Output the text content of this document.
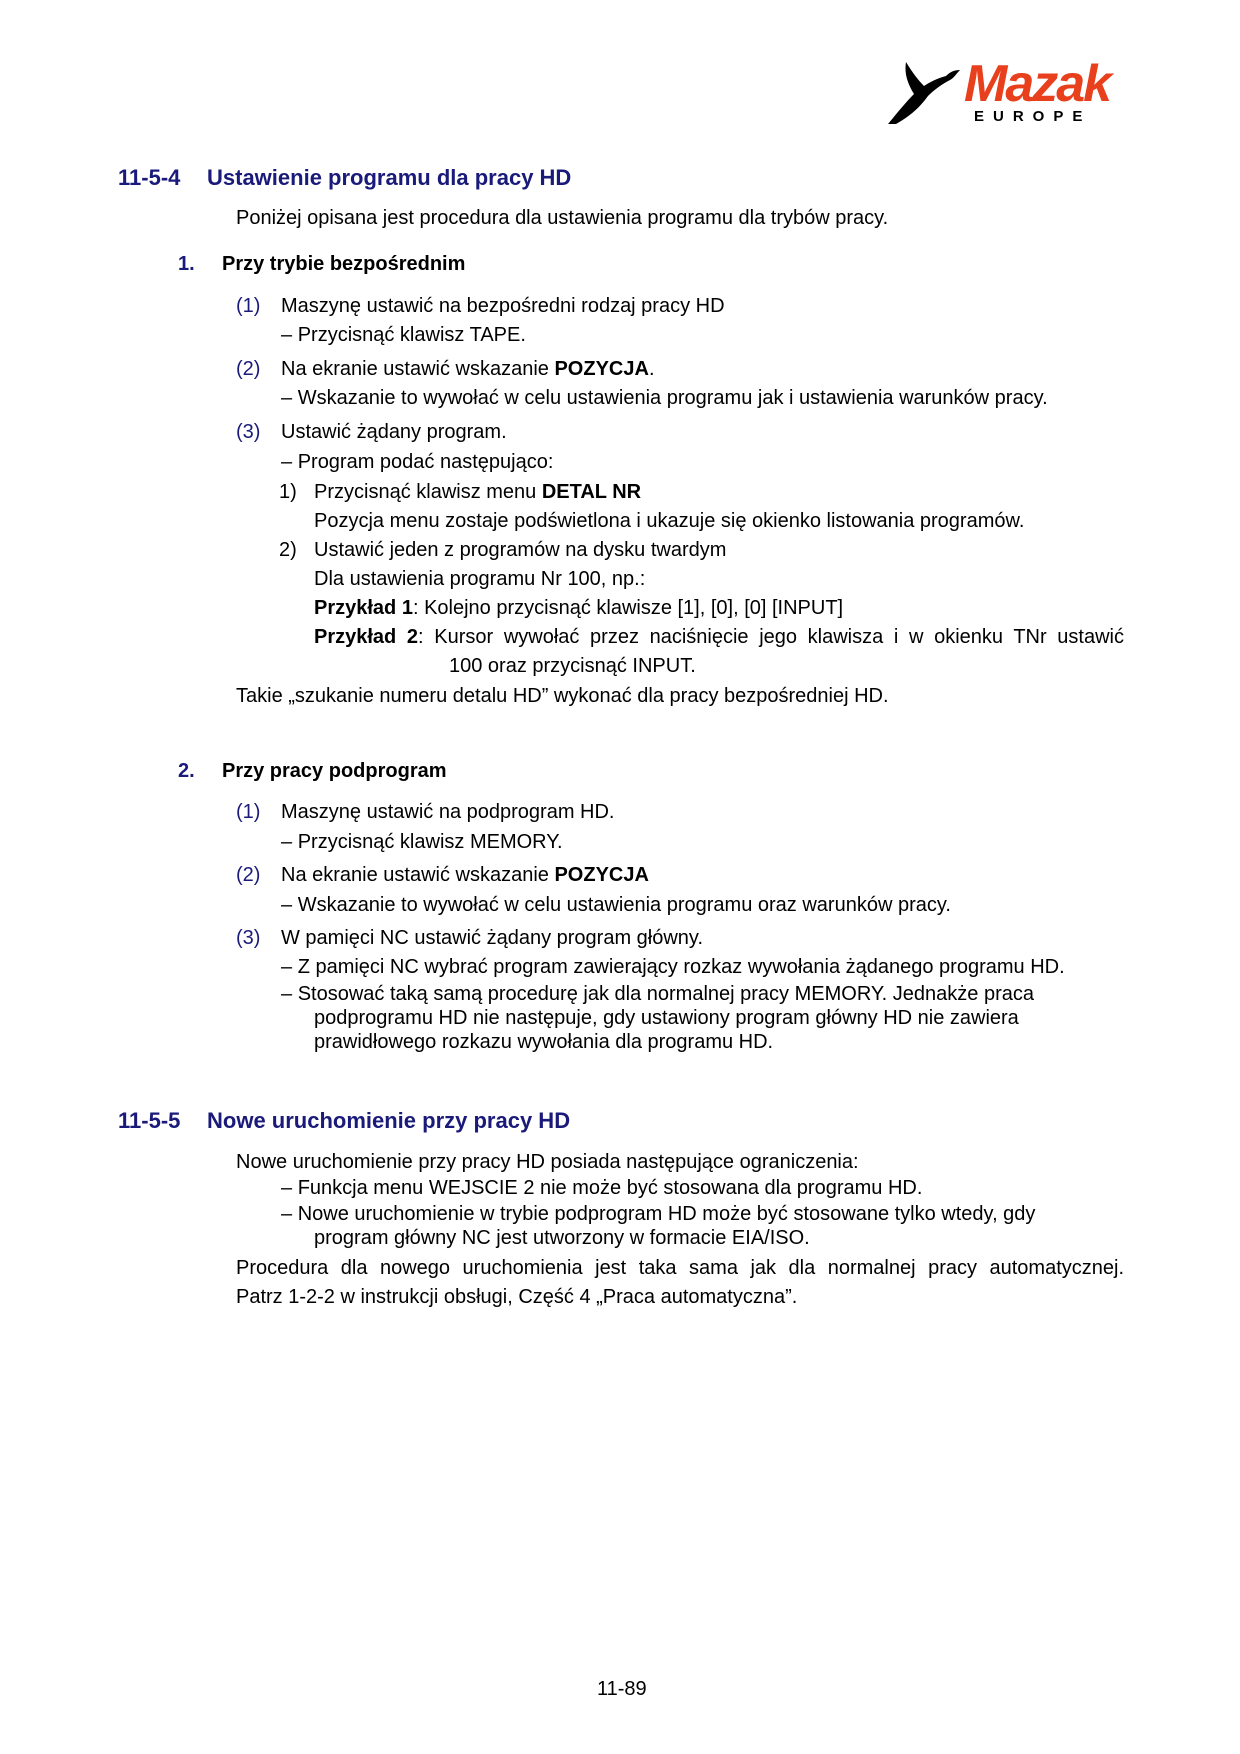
Mazak
EUROPE
11-5-4 Ustawienie programu dla pracy HD
Poniżej opisana jest procedura dla ustawienia programu dla trybów pracy.
1. Przy trybie bezpośrednim
(1) Maszynę ustawić na bezpośredni rodzaj pracy HD
– Przycisnąć klawisz TAPE.
(2) Na ekranie ustawić wskazanie POZYCJA.
– Wskazanie to wywołać w celu ustawienia programu jak i ustawienia warunków pracy.
(3) Ustawić żądany program.
– Program podać następująco:
1) Przycisnąć klawisz menu DETAL NR
Pozycja menu zostaje podświetlona i ukazuje się okienko listowania programów.
2) Ustawić jeden z programów na dysku twardym
Dla ustawienia programu Nr 100, np.:
Przykład 1: Kolejno przycisnąć klawisze [1], [0], [0] [INPUT]
Przykład 2: Kursor wywołać przez naciśnięcie jego klawisza i w okienku TNr ustawić
100 oraz przycisnąć INPUT.
Takie „szukanie numeru detalu HD” wykonać dla pracy bezpośredniej HD.
2. Przy pracy podprogram
(1) Maszynę ustawić na podprogram HD.
– Przycisnąć klawisz MEMORY.
(2) Na ekranie ustawić wskazanie POZYCJA
– Wskazanie to wywołać w celu ustawienia programu oraz warunków pracy.
(3) W pamięci NC ustawić żądany program główny.
– Z pamięci NC wybrać program zawierający rozkaz wywołania żądanego programu HD.
– Stosować taką samą procedurę jak dla normalnej pracy MEMORY. Jednakże praca
podprogramu HD nie następuje, gdy ustawiony program główny HD nie zawiera
prawidłowego rozkazu wywołania dla programu HD.
11-5-5 Nowe uruchomienie przy pracy HD
Nowe uruchomienie przy pracy HD posiada następujące ograniczenia:
– Funkcja menu WEJSCIE 2 nie może być stosowana dla programu HD.
– Nowe uruchomienie w trybie podprogram HD może być stosowane tylko wtedy, gdy
program główny NC jest utworzony w formacie EIA/ISO.
Procedura dla nowego uruchomienia jest taka sama jak dla normalnej pracy automatycznej.
Patrz 1-2-2 w instrukcji obsługi, Część 4 „Praca automatyczna”.
11-89
